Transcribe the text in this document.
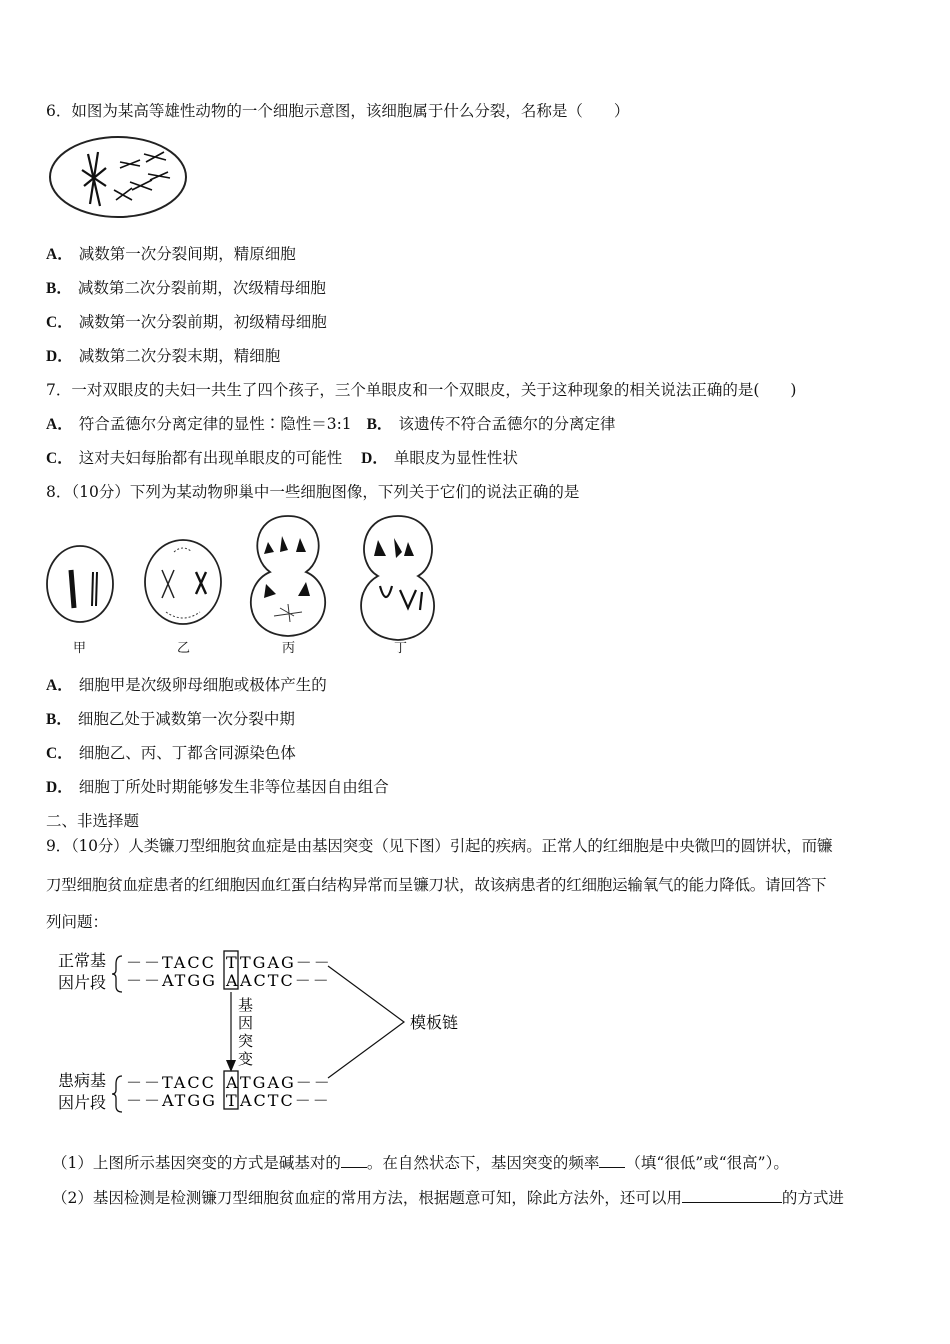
6．如图为某高等雄性动物的一个细胞示意图，该细胞属于什么分裂，名称是（　　）
A． 减数第一次分裂间期，精原细胞
B． 减数第二次分裂前期，次级精母细胞
C． 减数第一次分裂前期，初级精母细胞
D． 减数第二次分裂末期，精细胞
7．一对双眼皮的夫妇一共生了四个孩子，三个单眼皮和一个双眼皮，关于这种现象的相关说法正确的是(　　)
A． 符合孟德尔分离定律的显性∶隐性＝3:1 B． 该遗传不符合孟德尔的分离定律
C． 这对夫妇每胎都有出现单眼皮的可能性 D． 单眼皮为显性性状
8．（10分）下列为某动物卵巢中一些细胞图像，下列关于它们的说法正确的是
甲	乙	丙	丁
A． 细胞甲是次级卵母细胞或极体产生的
B． 细胞乙处于减数第一次分裂中期
C． 细胞乙、丙、丁都含同源染色体
D． 细胞丁所处时期能够发生非等位基因自由组合
二、非选择题
9．（10分）人类镰刀型细胞贫血症是由基因突变（见下图）引起的疾病。正常人的红细胞是中央微凹的圆饼状，而镰
刀型细胞贫血症患者的红细胞因血红蛋白结构异常而呈镰刀状，故该病患者的红细胞运输氧气的能力降低。请回答下
列问题：
正常基
因片段
－－TACC T TGAG－－
－－ATGG A ACTC－－
基
因
突
变
模板链
患病基
因片段
－－TACC A TGAG－－
－－ATGG T ACTC－－
（1）上图所示基因突变的方式是碱基对的 。在自然状态下，基因突变的频率 （填“很低”或“很高”）。
（2）基因检测是检测镰刀型细胞贫血症的常用方法，根据题意可知，除此方法外，还可以用	的方式进
